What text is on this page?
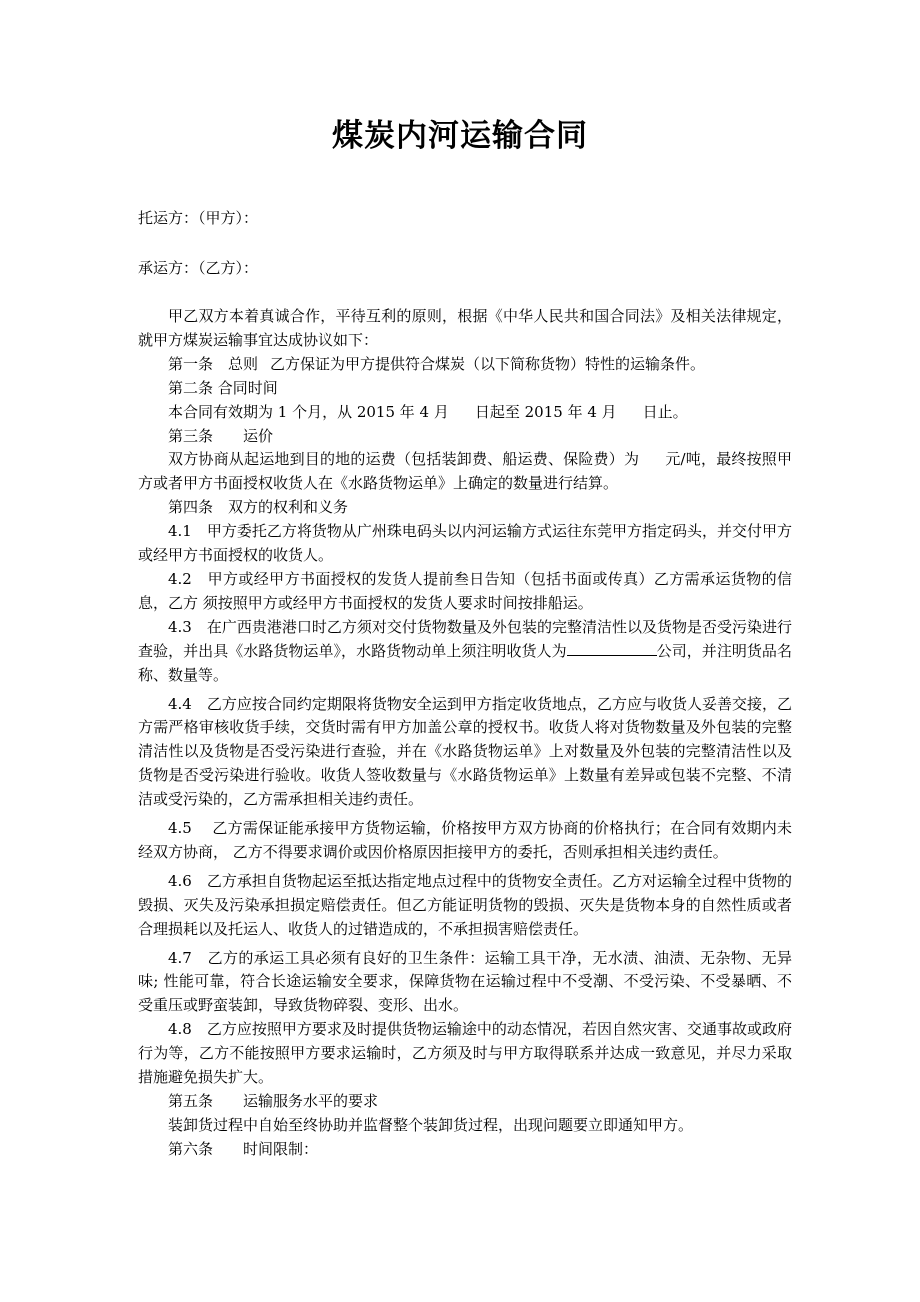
煤炭内河运输合同
托运方：（甲方）：
承运方：（乙方）：

甲乙双方本着真诚合作，平待互利的原则，根据《中华人民共和国合同法》及相关法律规定，就甲方煤炭运输事宜达成协议如下：

第一条　总则 乙方保证为甲方提供符合煤炭（以下简称货物）特性的运输条件。

第二条 合同时间

本合同有效期为 1 个月，从 2015 年 4 月 日起至 2015 年 4 月 日止。

第三条　　运价

双方协商从起运地到目的地的运费（包括装卸费、船运费、保险费）为 元/吨，最终按照甲方或者甲方书面授权收货人在《水路货物运单》上确定的数量进行结算。

第四条　双方的权利和义务

4.1　甲方委托乙方将货物从广州珠电码头以内河运输方式运往东莞甲方指定码头，并交付甲方或经甲方书面授权的收货人。

4.2　甲方或经甲方书面授权的发货人提前叁日告知（包括书面或传真）乙方需承运货物的信息，乙方 须按照甲方或经甲方书面授权的发货人要求时间按排船运。

4.3　在广西贵港港口时乙方须对交付货物数量及外包装的完整清洁性以及货物是否受污染进行查验，并出具《水路货物运单》，水路货物动单上须注明收货人为	公司，并注明货品名称、数量等。

4.4　乙方应按合同约定期限将货物安全运到甲方指定收货地点，乙方应与收货人妥善交接，乙方需严格审核收货手续，交货时需有甲方加盖公章的授权书。收货人将对货物数量及外包装的完整清洁性以及货物是否受污染进行查验，并在《水路货物运单》上对数量及外包装的完整清洁性以及货物是否受污染进行验收。收货人签收数量与《水路货物运单》上数量有差异或包装不完整、不清洁或受污染的，乙方需承担相关违约责任。

4.5　 乙方需保证能承接甲方货物运输，价格按甲方双方协商的价格执行；在合同有效期内未经双方协商， 乙方不得要求调价或因价格原因拒接甲方的委托，否则承担相关违约责任。

4.6　乙方承担自货物起运至抵达指定地点过程中的货物安全责任。乙方对运输全过程中货物的毁损、灭失及污染承担损定赔偿责任。但乙方能证明货物的毁损、灭失是货物本身的自然性质或者合理损耗以及托运人、收货人的过错造成的，不承担损害赔偿责任。

4.7　乙方的承运工具必须有良好的卫生条件：运输工具干净，无水渍、油渍、无杂物、无异味; 性能可靠，符合长途运输安全要求，保障货物在运输过程中不受潮、不受污染、不受暴晒、不受重压或野蛮装卸，导致货物碎裂、变形、出水。

4.8　乙方应按照甲方要求及时提供货物运输途中的动态情况，若因自然灾害、交通事故或政府行为等，乙方不能按照甲方要求运输时，乙方须及时与甲方取得联系并达成一致意见，并尽力采取措施避免损失扩大。

第五条　　运输服务水平的要求

装卸货过程中自始至终协助并监督整个装卸货过程，出现问题要立即通知甲方。

第六条　　时间限制：
